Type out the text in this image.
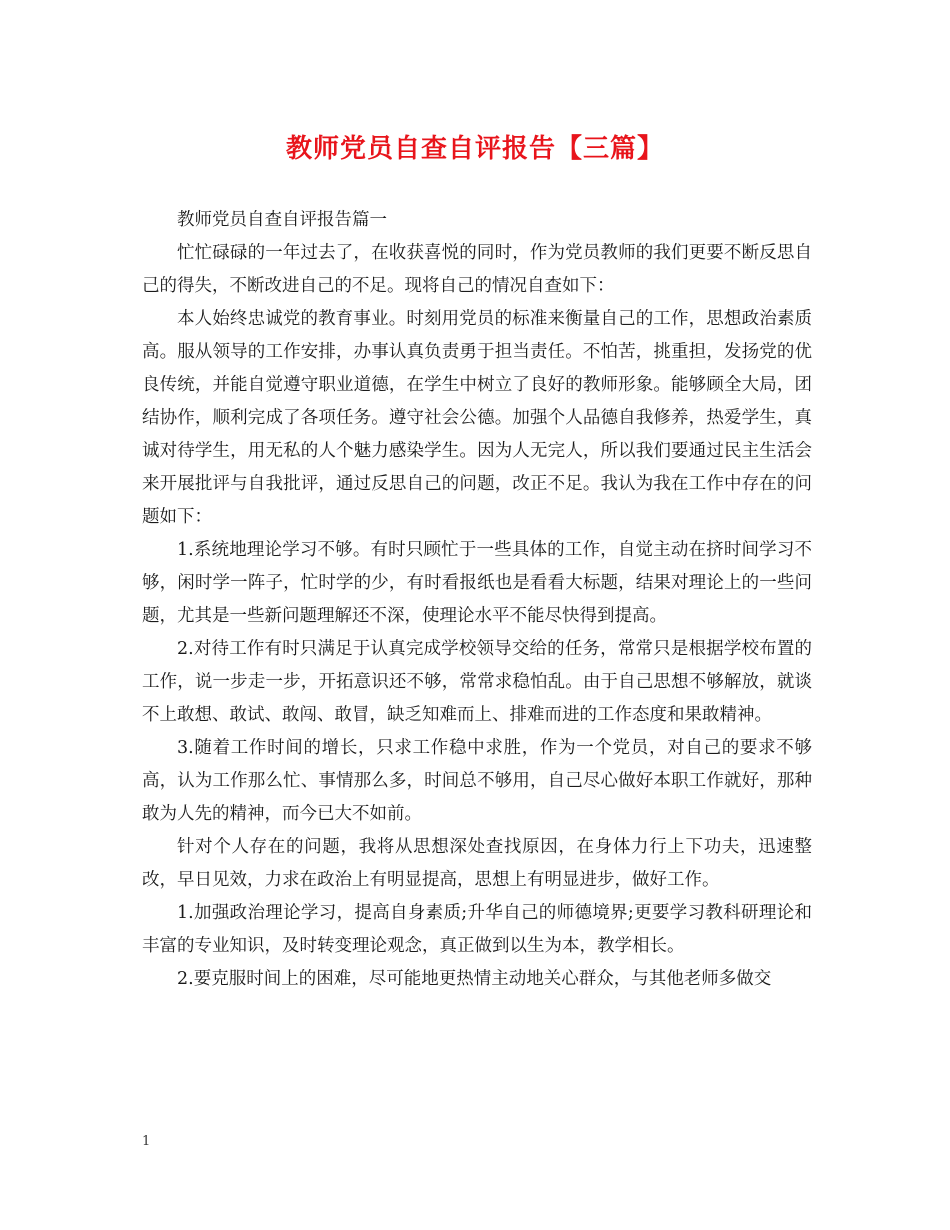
教师党员自查自评报告【三篇】

教师党员自查自评报告篇一

忙忙碌碌的一年过去了，在收获喜悦的同时，作为党员教师的我们更要不断反思自己的得失，不断改进自己的不足。现将自己的情况自查如下：

本人始终忠诚党的教育事业。时刻用党员的标准来衡量自己的工作，思想政治素质高。服从领导的工作安排，办事认真负责勇于担当责任。不怕苦，挑重担，发扬党的优良传统，并能自觉遵守职业道德，在学生中树立了良好的教师形象。能够顾全大局，团结协作，顺利完成了各项任务。遵守社会公德。加强个人品德自我修养，热爱学生，真诚对待学生，用无私的人个魅力感染学生。因为人无完人，所以我们要通过民主生活会来开展批评与自我批评，通过反思自己的问题，改正不足。我认为我在工作中存在的问题如下：

1.系统地理论学习不够。有时只顾忙于一些具体的工作，自觉主动在挤时间学习不够，闲时学一阵子，忙时学的少，有时看报纸也是看看大标题，结果对理论上的一些问题，尤其是一些新问题理解还不深，使理论水平不能尽快得到提高。

2.对待工作有时只满足于认真完成学校领导交给的任务，常常只是根据学校布置的工作，说一步走一步，开拓意识还不够，常常求稳怕乱。由于自己思想不够解放，就谈不上敢想、敢试、敢闯、敢冒，缺乏知难而上、排难而进的工作态度和果敢精神。

3.随着工作时间的增长，只求工作稳中求胜，作为一个党员，对自己的要求不够高，认为工作那么忙、事情那么多，时间总不够用，自己尽心做好本职工作就好，那种敢为人先的精神，而今已大不如前。

针对个人存在的问题，我将从思想深处查找原因，在身体力行上下功夫，迅速整改，早日见效，力求在政治上有明显提高，思想上有明显进步，做好工作。

1.加强政治理论学习，提高自身素质;升华自己的师德境界;更要学习教科研理论和丰富的专业知识，及时转变理论观念，真正做到以生为本，教学相长。

2.要克服时间上的困难，尽可能地更热情主动地关心群众，与其他老师多做交

1
